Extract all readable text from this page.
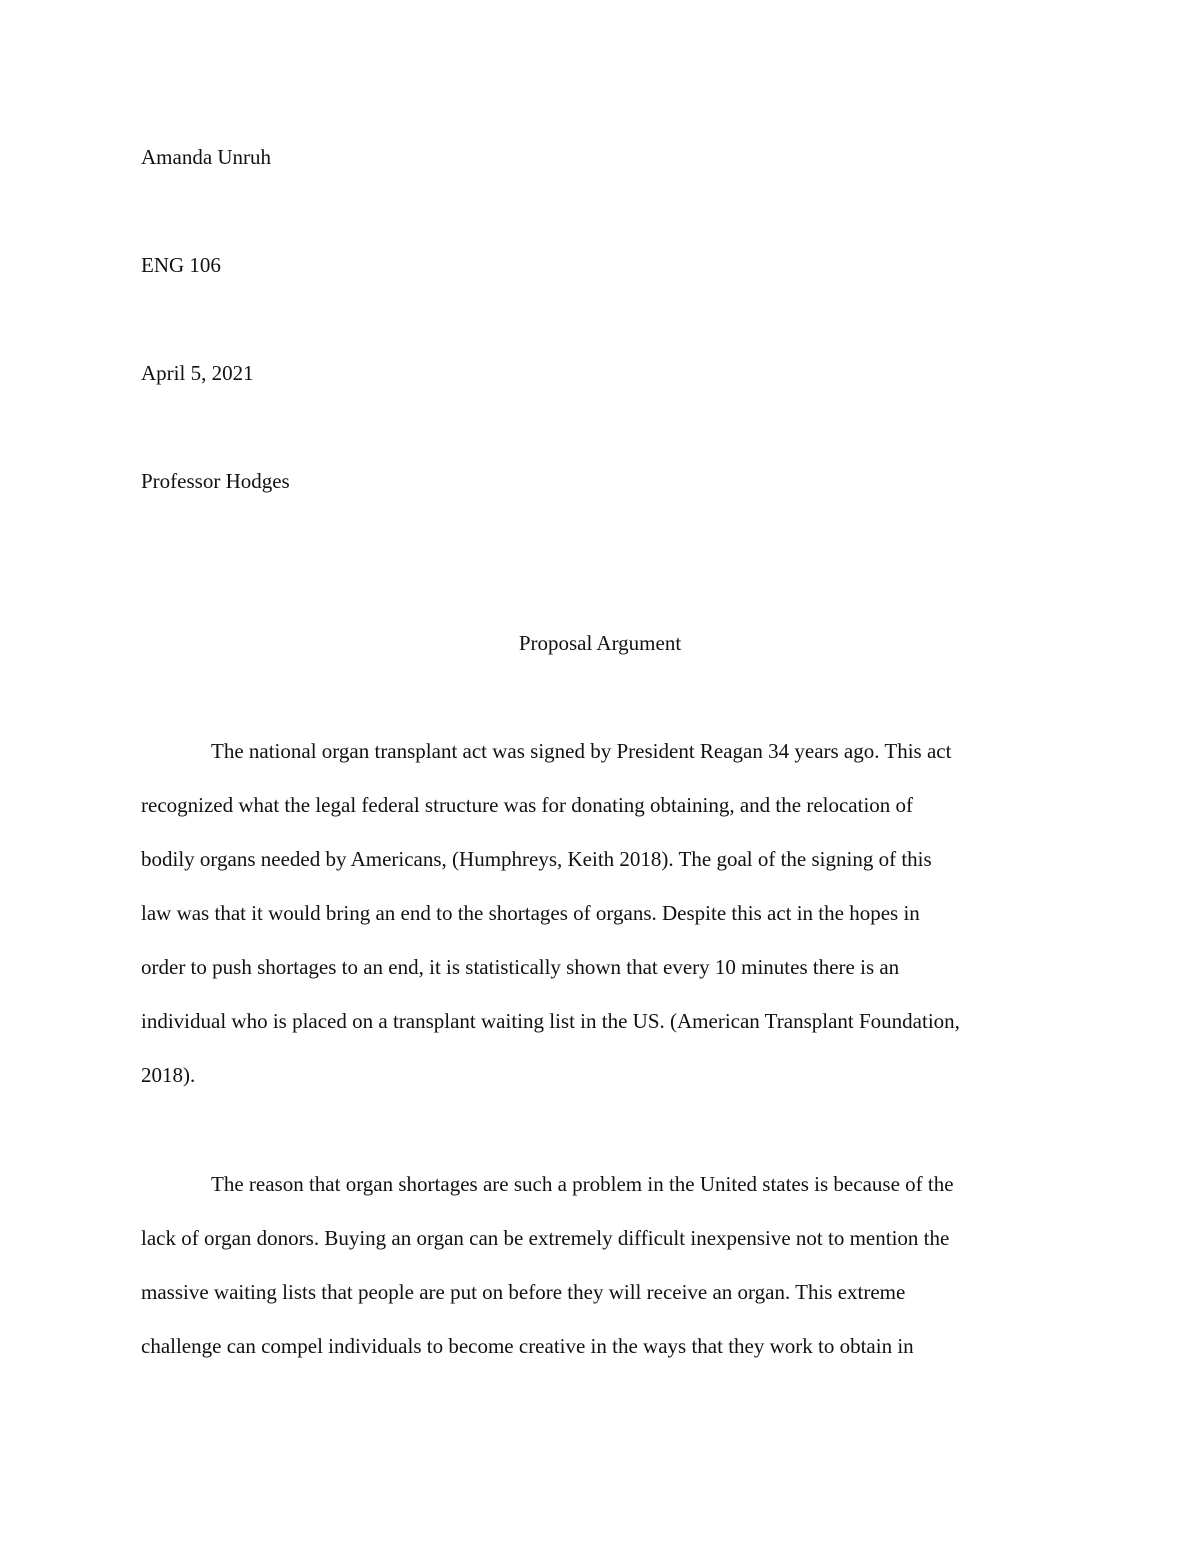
Amanda Unruh
ENG 106
April 5, 2021
Professor Hodges
Proposal Argument
The national organ transplant act was signed by President Reagan 34 years ago. This act
recognized what the legal federal structure was for donating obtaining, and the relocation of
bodily organs needed by Americans, (Humphreys, Keith 2018). The goal of the signing of this
law was that it would bring an end to the shortages of organs. Despite this act in the hopes in
order to push shortages to an end, it is statistically shown that every 10 minutes there is an
individual who is placed on a transplant waiting list in the US. (American Transplant Foundation,
2018).
The reason that organ shortages are such a problem in the United states is because of the
lack of organ donors. Buying an organ can be extremely difficult inexpensive not to mention the
massive waiting lists that people are put on before they will receive an organ. This extreme
challenge can compel individuals to become creative in the ways that they work to obtain in
